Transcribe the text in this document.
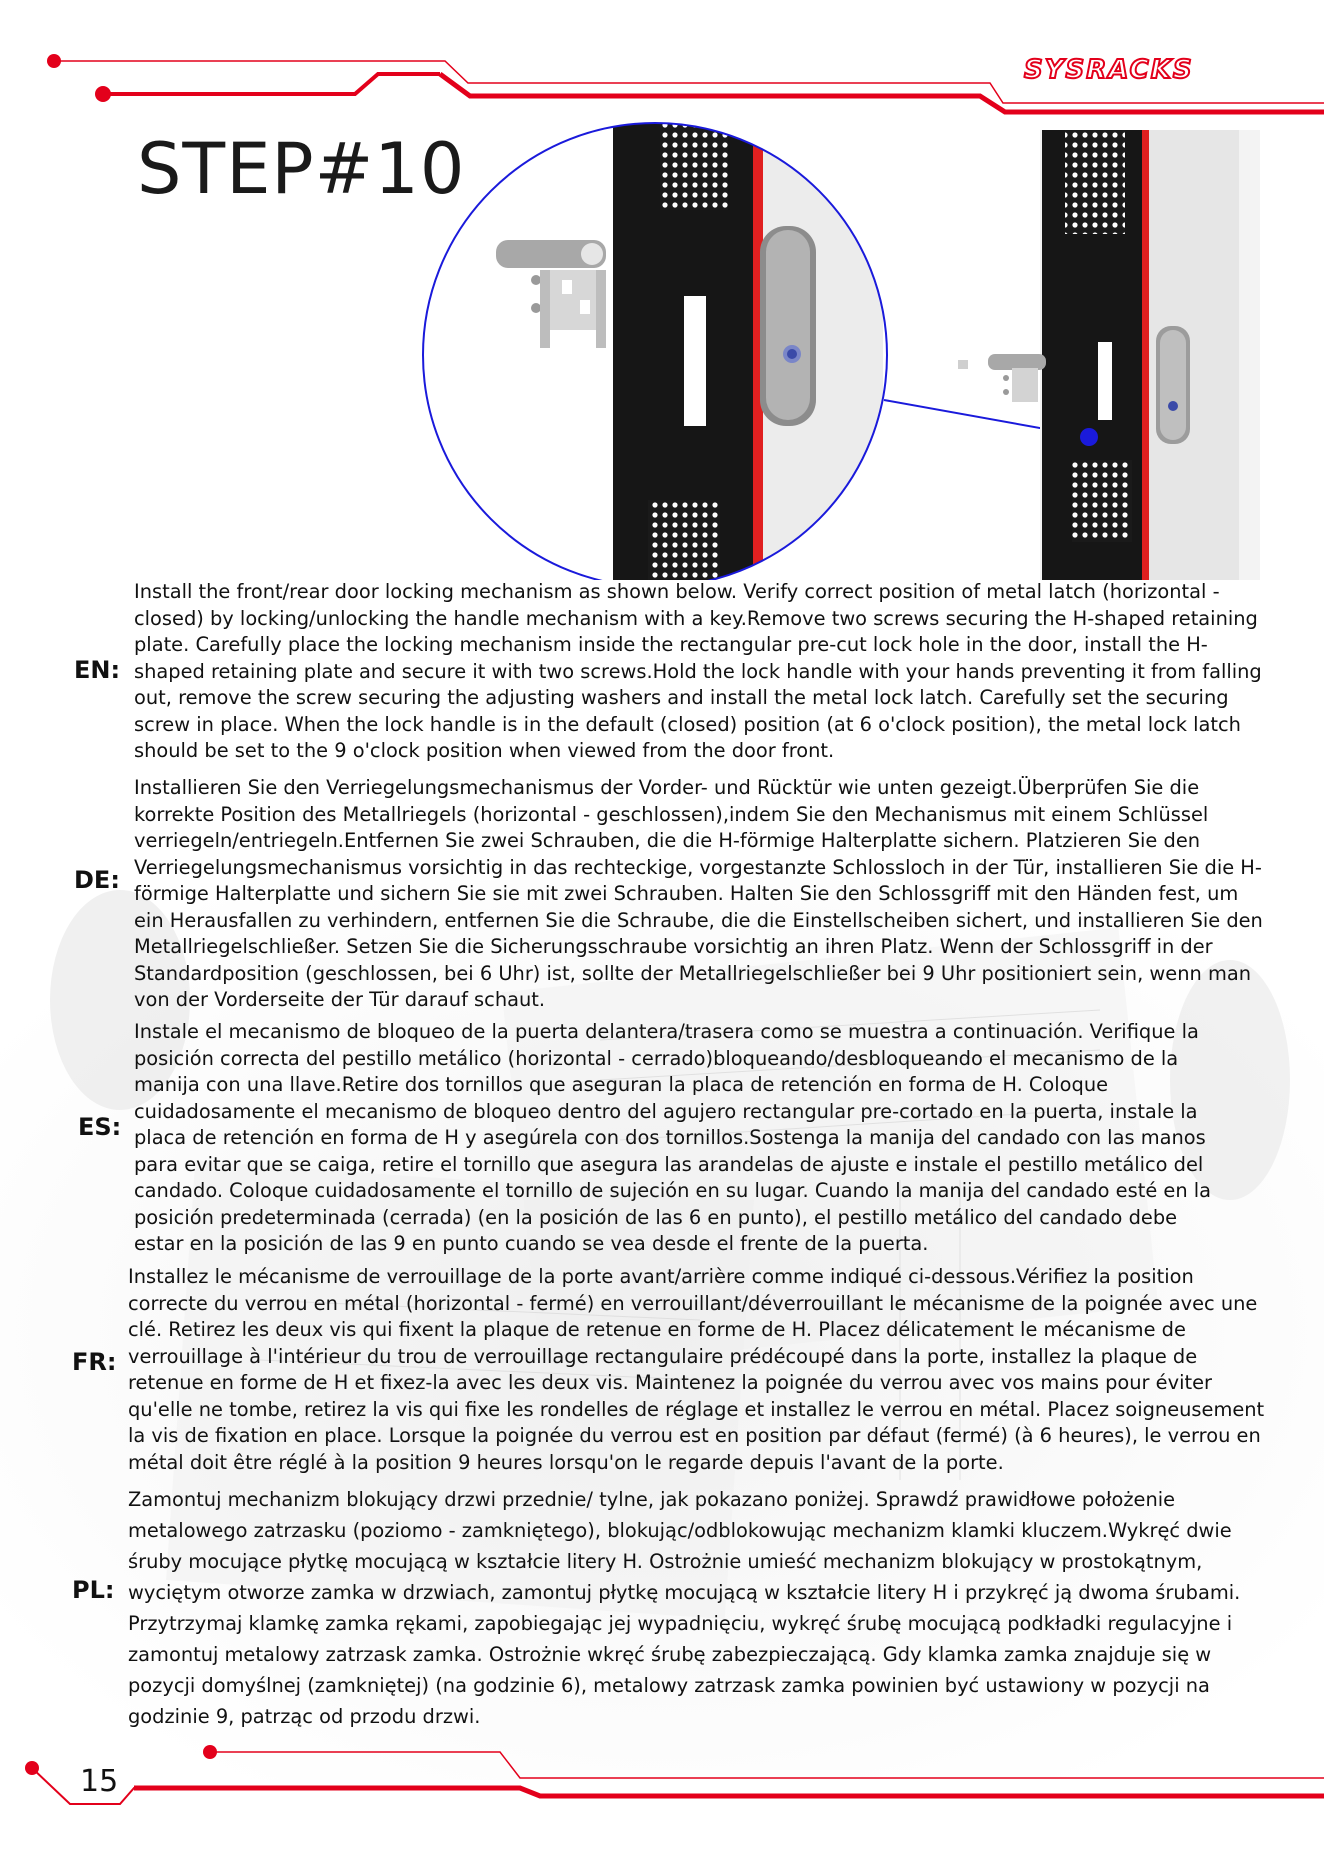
SYSRACKS
STEP#10
EN:

Install the front/rear door locking mechanism as shown below. Verify correct position of metal latch (horizontal - closed) by locking/unlocking the handle mechanism with a key.Remove two screws securing the H-shaped retaining plate. Carefully place the locking mechanism inside the rectangular pre-cut lock hole in the door, install the H-shaped retaining plate and secure it with two screws.Hold the lock handle with your hands preventing it from falling out, remove the screw securing the adjusting washers and install the metal lock latch. Carefully set the securing screw in place. When the lock handle is in the default (closed) position (at 6 o'clock position), the metal lock latch should be set to the 9 o'clock position when viewed from the door front.

DE:

Installieren Sie den Verriegelungsmechanismus der Vorder- und Rücktür wie unten gezeigt.Überprüfen Sie die korrekte Position des Metallriegels (horizontal - geschlossen),indem Sie den Mechanismus mit einem Schlüssel verriegeln/entriegeln.Entfernen Sie zwei Schrauben, die die H-förmige Halterplatte sichern. Platzieren Sie den Verriegelungsmechanismus vorsichtig in das rechteckige, vorgestanzte Schlossloch in der Tür, installieren Sie die H-förmige Halterplatte und sichern Sie sie mit zwei Schrauben. Halten Sie den Schlossgriff mit den Händen fest, um ein Herausfallen zu verhindern, entfernen Sie die Schraube, die die Einstellscheiben sichert, und installieren Sie den Metallriegelschließer. Setzen Sie die Sicherungsschraube vorsichtig an ihren Platz. Wenn der Schlossgriff in der Standardposition (geschlossen, bei 6 Uhr) ist, sollte der Metallriegelschließer bei 9 Uhr positioniert sein, wenn man von der Vorderseite der Tür darauf schaut.

ES:

Instale el mecanismo de bloqueo de la puerta delantera/trasera como se muestra a continuación. Verifique la posición correcta del pestillo metálico (horizontal - cerrado)bloqueando/desbloqueando el mecanismo de la manija con una llave.Retire dos tornillos que aseguran la placa de retención en forma de H. Coloque cuidadosamente el mecanismo de bloqueo dentro del agujero rectangular pre-cortado en la puerta, instale la placa de retención en forma de H y asegúrela con dos tornillos.Sostenga la manija del candado con las manos para evitar que se caiga, retire el tornillo que asegura las arandelas de ajuste e instale el pestillo metálico del candado. Coloque cuidadosamente el tornillo de sujeción en su lugar. Cuando la manija del candado esté en la posición predeterminada (cerrada) (en la posición de las 6 en punto), el pestillo metálico del candado debe estar en la posición de las 9 en punto cuando se vea desde el frente de la puerta.

FR:

Installez le mécanisme de verrouillage de la porte avant/arrière comme indiqué ci-dessous.Vérifiez la position correcte du verrou en métal (horizontal - fermé) en verrouillant/déverrouillant le mécanisme de la poignée avec une clé. Retirez les deux vis qui fixent la plaque de retenue en forme de H. Placez délicatement le mécanisme de verrouillage à l'intérieur du trou de verrouillage rectangulaire prédécoupé dans la porte, installez la plaque de retenue en forme de H et fixez-la avec les deux vis. Maintenez la poignée du verrou avec vos mains pour éviter qu'elle ne tombe, retirez la vis qui fixe les rondelles de réglage et installez le verrou en métal. Placez soigneusement la vis de fixation en place. Lorsque la poignée du verrou est en position par défaut (fermé) (à 6 heures), le verrou en métal doit être réglé à la position 9 heures lorsqu'on le regarde depuis l'avant de la porte.

PL:

Zamontuj mechanizm blokujący drzwi przednie/ tylne, jak pokazano poniżej. Sprawdź prawidłowe położenie metalowego zatrzasku (poziomo - zamkniętego), blokując/odblokowując mechanizm klamki kluczem.Wykręć dwie śruby mocujące płytkę mocującą w kształcie litery H. Ostrożnie umieść mechanizm blokujący w prostokątnym, wyciętym otworze zamka w drzwiach, zamontuj płytkę mocującą w kształcie litery H i przykręć ją dwoma śrubami. Przytrzymaj klamkę zamka rękami, zapobiegając jej wypadnięciu, wykręć śrubę mocującą podkładki regulacyjne i zamontuj metalowy zatrzask zamka. Ostrożnie wkręć śrubę zabezpieczającą. Gdy klamka zamka znajduje się w pozycji domyślnej (zamkniętej) (na godzinie 6), metalowy zatrzask zamka powinien być ustawiony w pozycji na godzinie 9, patrząc od przodu drzwi.

15
